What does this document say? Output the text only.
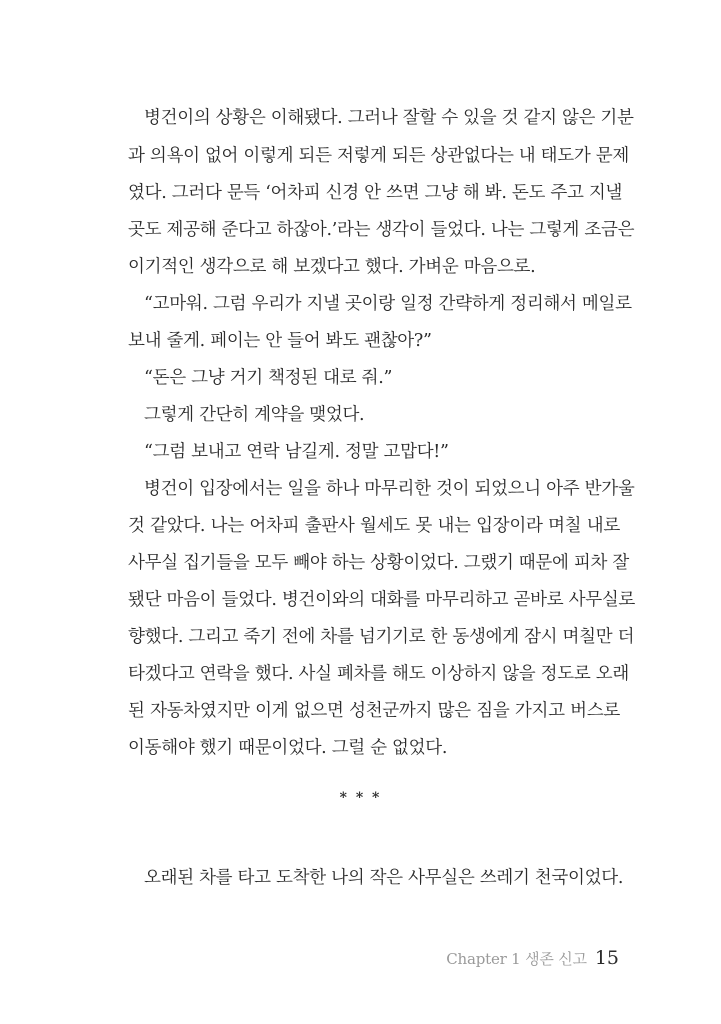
병건이의 상황은 이해됐다. 그러나 잘할 수 있을 것 같지 않은 기분
과 의욕이 없어 이렇게 되든 저렇게 되든 상관없다는 내 태도가 문제
였다. 그러다 문득 ‘어차피 신경 안 쓰면 그냥 해 봐. 돈도 주고 지낼
곳도 제공해 준다고 하잖아.’라는 생각이 들었다. 나는 그렇게 조금은
이기적인 생각으로 해 보겠다고 했다. 가벼운 마음으로.
“고마워. 그럼 우리가 지낼 곳이랑 일정 간략하게 정리해서 메일로
보내 줄게. 페이는 안 들어 봐도 괜찮아?”
“돈은 그냥 거기 책정된 대로 줘.”
그렇게 간단히 계약을 맺었다.
“그럼 보내고 연락 남길게. 정말 고맙다!”
병건이 입장에서는 일을 하나 마무리한 것이 되었으니 아주 반가울
것 같았다. 나는 어차피 출판사 월세도 못 내는 입장이라 며칠 내로
사무실 집기들을 모두 빼야 하는 상황이었다. 그랬기 때문에 피차 잘
됐단 마음이 들었다. 병건이와의 대화를 마무리하고 곧바로 사무실로
향했다. 그리고 죽기 전에 차를 넘기기로 한 동생에게 잠시 며칠만 더
타겠다고 연락을 했다. 사실 폐차를 해도 이상하지 않을 정도로 오래
된 자동차였지만 이게 없으면 성천군까지 많은 짐을 가지고 버스로
이동해야 했기 때문이었다. 그럴 순 없었다.
* * *
오래된 차를 타고 도착한 나의 작은 사무실은 쓰레기 천국이었다.
Chapter 1 생존 신고 15
